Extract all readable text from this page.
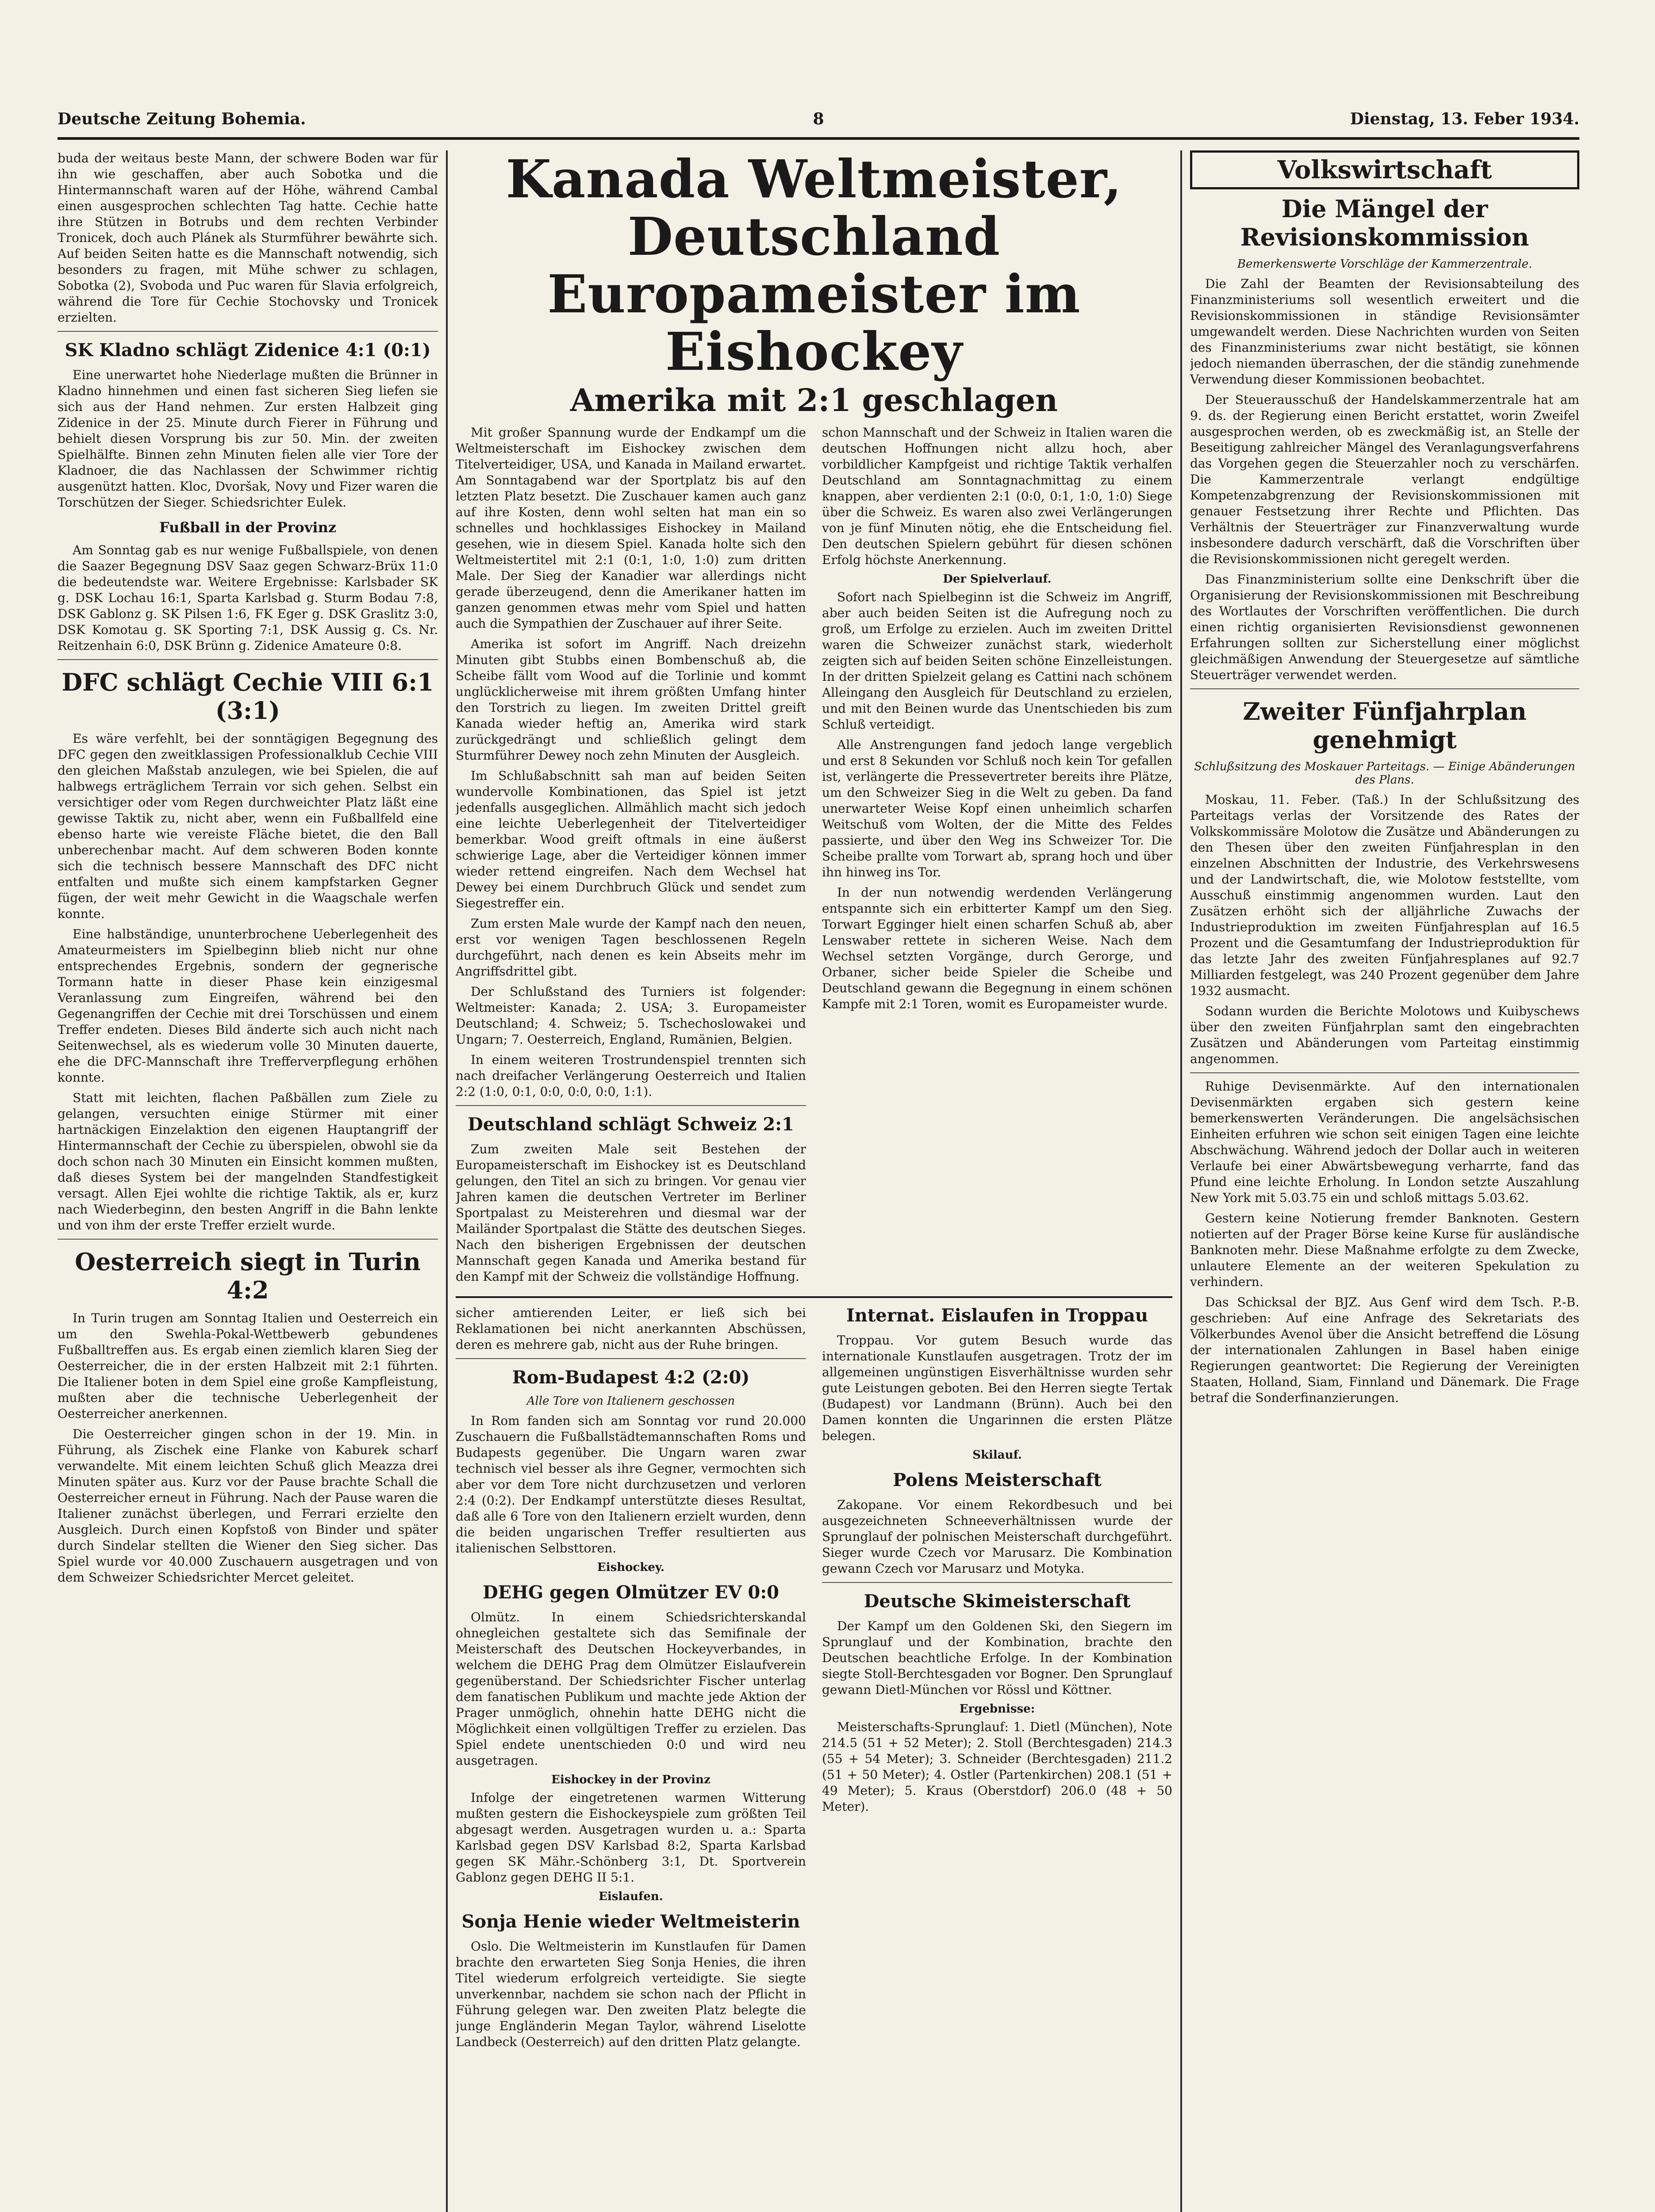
Deutsche Zeitung Bohemia.	8	Dienstag, 13. Feber 1934.

buda der weitaus beste Mann, der schwere Boden war für ihn wie geschaffen, aber auch Sobotka und die Hintermannschaft waren auf der Höhe, während Cambal einen ausgesprochen schlechten Tag hatte. Cechie hatte ihre Stützen in Botrubs und dem rechten Verbinder Tronicek, doch auch Plánek als Sturmführer bewährte sich. Auf beiden Seiten hatte es die Mannschaft notwendig, sich besonders zu fragen, mit Mühe schwer zu schlagen, Sobotka (2), Svoboda und Puc waren für Slavia erfolgreich, während die Tore für Cechie Stochovsky und Tronicek erzielten.

SK Kladno schlägt Zidenice 4:1 (0:1)

Eine unerwartet hohe Niederlage mußten die Brünner in Kladno hinnehmen und einen fast sicheren Sieg liefen sie sich aus der Hand nehmen. Zur ersten Halbzeit ging Zidenice in der 25. Minute durch Fierer in Führung und behielt diesen Vorsprung bis zur 50. Min. der zweiten Spielhälfte. Binnen zehn Minuten fielen alle vier Tore der Kladnoer, die das Nachlassen der Schwimmer richtig ausgenützt hatten. Kloc, Dvoršak, Novy und Fizer waren die Torschützen der Sieger. Schiedsrichter Eulek.

Fußball in der Provinz

Am Sonntag gab es nur wenige Fußballspiele, von denen die Saazer Begegnung DSV Saaz gegen Schwarz-Brüx 11:0 die bedeutendste war. Weitere Ergebnisse: Karlsbader SK g. DSK Lochau 16:1, Sparta Karlsbad g. Sturm Bodau 7:8, DSK Gablonz g. SK Pilsen 1:6, FK Eger g. DSK Graslitz 3:0, DSK Komotau g. SK Sporting 7:1, DSK Aussig g. Cs. Nr. Reitzenhain 6:0, DSK Brünn g. Zidenice Amateure 0:8.

DFC schlägt Cechie VIII 6:1 (3:1)

Es wäre verfehlt, bei der sonntägigen Begegnung des DFC gegen den zweitklassigen Professionalklub Cechie VIII den gleichen Maßstab anzulegen, wie bei Spielen, die auf halbwegs erträglichem Terrain vor sich gehen. Selbst ein versichtiger oder vom Regen durchweichter Platz läßt eine gewisse Taktik zu, nicht aber, wenn ein Fußballfeld eine ebenso harte wie vereiste Fläche bietet, die den Ball unberechenbar macht. Auf dem schweren Boden konnte sich die technisch bessere Mannschaft des DFC nicht entfalten und mußte sich einem kampfstarken Gegner fügen, der weit mehr Gewicht in die Waagschale werfen konnte.

Eine halbständige, ununterbrochene Ueberlegenheit des Amateurmeisters im Spielbeginn blieb nicht nur ohne entsprechendes Ergebnis, sondern der gegnerische Tormann hatte in dieser Phase kein einzigesmal Veranlassung zum Eingreifen, während bei den Gegenangriffen der Cechie mit drei Torschüssen und einem Treffer endeten. Dieses Bild änderte sich auch nicht nach Seitenwechsel, als es wiederum volle 30 Minuten dauerte, ehe die DFC-Mannschaft ihre Trefferverpflegung erhöhen konnte.

Statt mit leichten, flachen Paßbällen zum Ziele zu gelangen, versuchten einige Stürmer mit einer hartnäckigen Einzelaktion den eigenen Hauptangriff der Hintermannschaft der Cechie zu überspielen, obwohl sie da doch schon nach 30 Minuten ein Einsicht kommen mußten, daß dieses System bei der mangelnden Standfestigkeit versagt. Allen Ejei wohlte die richtige Taktik, als er, kurz nach Wiederbeginn, den besten Angriff in die Bahn lenkte und von ihm der erste Treffer erzielt wurde.

Oesterreich siegt in Turin 4:2

In Turin trugen am Sonntag Italien und Oesterreich ein um den Swehla-Pokal-Wettbewerb gebundenes Fußballtreffen aus. Es ergab einen ziemlich klaren Sieg der Oesterreicher, die in der ersten Halbzeit mit 2:1 führten. Die Italiener boten in dem Spiel eine große Kampfleistung, mußten aber die technische Ueberlegenheit der Oesterreicher anerkennen.

Die Oesterreicher gingen schon in der 19. Min. in Führung, als Zischek eine Flanke von Kaburek scharf verwandelte. Mit einem leichten Schuß glich Meazza drei Minuten später aus. Kurz vor der Pause brachte Schall die Oesterreicher erneut in Führung. Nach der Pause waren die Italiener zunächst überlegen, und Ferrari erzielte den Ausgleich. Durch einen Kopfstoß von Binder und später durch Sindelar stellten die Wiener den Sieg sicher. Das Spiel wurde vor 40.000 Zuschauern ausgetragen und von dem Schweizer Schiedsrichter Mercet geleitet.

Kanada Weltmeister, Deutschland
Europameister im Eishockey
Amerika mit 2:1 geschlagen

Mit großer Spannung wurde der Endkampf um die Weltmeisterschaft im Eishockey zwischen dem Titelverteidiger, USA, und Kanada in Mailand erwartet. Am Sonntagabend war der Sportplatz bis auf den letzten Platz besetzt. Die Zuschauer kamen auch ganz auf ihre Kosten, denn wohl selten hat man ein so schnelles und hochklassiges Eishockey in Mailand gesehen, wie in diesem Spiel. Kanada holte sich den Weltmeistertitel mit 2:1 (0:1, 1:0, 1:0) zum dritten Male. Der Sieg der Kanadier war allerdings nicht gerade überzeugend, denn die Amerikaner hatten im ganzen genommen etwas mehr vom Spiel und hatten auch die Sympathien der Zuschauer auf ihrer Seite.

Amerika ist sofort im Angriff. Nach dreizehn Minuten gibt Stubbs einen Bombenschuß ab, die Scheibe fällt vom Wood auf die Torlinie und kommt unglücklicherweise mit ihrem größten Umfang hinter den Torstrich zu liegen. Im zweiten Drittel greift Kanada wieder heftig an, Amerika wird stark zurückgedrängt und schließlich gelingt dem Sturmführer Dewey noch zehn Minuten der Ausgleich.

Im Schlußabschnitt sah man auf beiden Seiten wundervolle Kombinationen, das Spiel ist jetzt jedenfalls ausgeglichen. Allmählich macht sich jedoch eine leichte Ueberlegenheit der Titelverteidiger bemerkbar. Wood greift oftmals in eine äußerst schwierige Lage, aber die Verteidiger können immer wieder rettend eingreifen. Nach dem Wechsel hat Dewey bei einem Durchbruch Glück und sendet zum Siegestreffer ein.

Zum ersten Male wurde der Kampf nach den neuen, erst vor wenigen Tagen beschlossenen Regeln durchgeführt, nach denen es kein Abseits mehr im Angriffsdrittel gibt.

Der Schlußstand des Turniers ist folgender: Weltmeister: Kanada; 2. USA; 3. Europameister Deutschland; 4. Schweiz; 5. Tschechoslowakei und Ungarn; 7. Oesterreich, England, Rumänien, Belgien.

In einem weiteren Trostrundenspiel trennten sich nach dreifacher Verlängerung Oesterreich und Italien 2:2 (1:0, 0:1, 0:0, 0:0, 0:0, 1:1).

Deutschland schlägt Schweiz 2:1

Zum zweiten Male seit Bestehen der Europameisterschaft im Eishockey ist es Deutschland gelungen, den Titel an sich zu bringen. Vor genau vier Jahren kamen die deutschen Vertreter im Berliner Sportpalast zu Meisterehren und diesmal war der Mailänder Sportpalast die Stätte des deutschen Sieges. Nach den bisherigen Ergebnissen der deutschen Mannschaft gegen Kanada und Amerika bestand für den Kampf mit der Schweiz die vollständige Hoffnung.

schon Mannschaft und der Schweiz in Italien waren die deutschen Hoffnungen nicht allzu hoch, aber vorbildlicher Kampfgeist und richtige Taktik verhalfen Deutschland am Sonntagnachmittag zu einem knappen, aber verdienten 2:1 (0:0, 0:1, 1:0, 1:0) Siege über die Schweiz. Es waren also zwei Verlängerungen von je fünf Minuten nötig, ehe die Entscheidung fiel. Den deutschen Spielern gebührt für diesen schönen Erfolg höchste Anerkennung.

Der Spielverlauf.

Sofort nach Spielbeginn ist die Schweiz im Angriff, aber auch beiden Seiten ist die Aufregung noch zu groß, um Erfolge zu erzielen. Auch im zweiten Drittel waren die Schweizer zunächst stark, wiederholt zeigten sich auf beiden Seiten schöne Einzelleistungen. In der dritten Spielzeit gelang es Cattini nach schönem Alleingang den Ausgleich für Deutschland zu erzielen, und mit den Beinen wurde das Unentschieden bis zum Schluß verteidigt.

Alle Anstrengungen fand jedoch lange vergeblich und erst 8 Sekunden vor Schluß noch kein Tor gefallen ist, verlängerte die Pressevertreter bereits ihre Plätze, um den Schweizer Sieg in die Welt zu geben. Da fand unerwarteter Weise Kopf einen unheimlich scharfen Weitschuß vom Wolten, der die Mitte des Feldes passierte, und über den Weg ins Schweizer Tor. Die Scheibe prallte vom Torwart ab, sprang hoch und über ihn hinweg ins Tor.

In der nun notwendig werdenden Verlängerung entspannte sich ein erbitterter Kampf um den Sieg. Torwart Egginger hielt einen scharfen Schuß ab, aber Lenswaber rettete in sicheren Weise. Nach dem Wechsel setzten Vorgänge, durch Gerorge, und Orbaner, sicher beide Spieler die Scheibe und Deutschland gewann die Begegnung in einem schönen Kampfe mit 2:1 Toren, womit es Europameister wurde.

sicher amtierenden Leiter, er ließ sich bei Reklamationen bei nicht anerkannten Abschüssen, deren es mehrere gab, nicht aus der Ruhe bringen.

Rom-Budapest 4:2 (2:0)
Alle Tore von Italienern geschossen

In Rom fanden sich am Sonntag vor rund 20.000 Zuschauern die Fußballstädtemannschaften Roms und Budapests gegenüber. Die Ungarn waren zwar technisch viel besser als ihre Gegner, vermochten sich aber vor dem Tore nicht durchzusetzen und verloren 2:4 (0:2). Der Endkampf unterstützte dieses Resultat, daß alle 6 Tore von den Italienern erzielt wurden, denn die beiden ungarischen Treffer resultierten aus italienischen Selbsttoren.

Eishockey.
DEHG gegen Olmützer EV 0:0

Olmütz. In einem Schiedsrichterskandal ohnegleichen gestaltete sich das Semifinale der Meisterschaft des Deutschen Hockeyverbandes, in welchem die DEHG Prag dem Olmützer Eislaufverein gegenüberstand. Der Schiedsrichter Fischer unterlag dem fanatischen Publikum und machte jede Aktion der Prager unmöglich, ohnehin hatte DEHG nicht die Möglichkeit einen vollgültigen Treffer zu erzielen. Das Spiel endete unentschieden 0:0 und wird neu ausgetragen.

Eishockey in der Provinz

Infolge der eingetretenen warmen Witterung mußten gestern die Eishockeyspiele zum größten Teil abgesagt werden. Ausgetragen wurden u. a.: Sparta Karlsbad gegen DSV Karlsbad 8:2, Sparta Karlsbad gegen SK Mähr.-Schönberg 3:1, Dt. Sportverein Gablonz gegen DEHG II 5:1.

Eislaufen.
Sonja Henie wieder Weltmeisterin

Oslo. Die Weltmeisterin im Kunstlaufen für Damen brachte den erwarteten Sieg Sonja Henies, die ihren Titel wiederum erfolgreich verteidigte. Sie siegte unverkennbar, nachdem sie schon nach der Pflicht in Führung gelegen war. Den zweiten Platz belegte die junge Engländerin Megan Taylor, während Liselotte Landbeck (Oesterreich) auf den dritten Platz gelangte.

Internat. Eislaufen in Troppau

Troppau. Vor gutem Besuch wurde das internationale Kunstlaufen ausgetragen. Trotz der im allgemeinen ungünstigen Eisverhältnisse wurden sehr gute Leistungen geboten. Bei den Herren siegte Tertak (Budapest) vor Landmann (Brünn). Auch bei den Damen konnten die Ungarinnen die ersten Plätze belegen.

Skilauf.
Polens Meisterschaft

Zakopane. Vor einem Rekordbesuch und bei ausgezeichneten Schneeverhältnissen wurde der Sprunglauf der polnischen Meisterschaft durchgeführt. Sieger wurde Czech vor Marusarz. Die Kombination gewann Czech vor Marusarz und Motyka.

Deutsche Skimeisterschaft

Der Kampf um den Goldenen Ski, den Siegern im Sprunglauf und der Kombination, brachte den Deutschen beachtliche Erfolge. In der Kombination siegte Stoll-Berchtesgaden vor Bogner. Den Sprunglauf gewann Dietl-München vor Rössl und Köttner.

Ergebnisse:

Meisterschafts-Sprunglauf: 1. Dietl (München), Note 214.5 (51 + 52 Meter); 2. Stoll (Berchtesgaden) 214.3 (55 + 54 Meter); 3. Schneider (Berchtesgaden) 211.2 (51 + 50 Meter); 4. Ostler (Partenkirchen) 208.1 (51 + 49 Meter); 5. Kraus (Oberstdorf) 206.0 (48 + 50 Meter).

Volkswirtschaft
Die Mängel der Revisionskommission
Bemerkenswerte Vorschläge der Kammerzentrale.

Die Zahl der Beamten der Revisionsabteilung des Finanzministeriums soll wesentlich erweitert und die Revisionskommissionen in ständige Revisionsämter umgewandelt werden. Diese Nachrichten wurden von Seiten des Finanzministeriums zwar nicht bestätigt, sie können jedoch niemanden überraschen, der die ständig zunehmende Verwendung dieser Kommissionen beobachtet.

Der Steuerausschuß der Handelskammerzentrale hat am 9. ds. der Regierung einen Bericht erstattet, worin Zweifel ausgesprochen werden, ob es zweckmäßig ist, an Stelle der Beseitigung zahlreicher Mängel des Veranlagungsverfahrens das Vorgehen gegen die Steuerzahler noch zu verschärfen. Die Kammerzentrale verlangt endgültige Kompetenzabgrenzung der Revisionskommissionen mit genauer Festsetzung ihrer Rechte und Pflichten. Das Verhältnis der Steuerträger zur Finanzverwaltung wurde insbesondere dadurch verschärft, daß die Vorschriften über die Revisionskommissionen nicht geregelt werden.

Das Finanzministerium sollte eine Denkschrift über die Organisierung der Revisionskommissionen mit Beschreibung des Wortlautes der Vorschriften veröffentlichen. Die durch einen richtig organisierten Revisionsdienst gewonnenen Erfahrungen sollten zur Sicherstellung einer möglichst gleichmäßigen Anwendung der Steuergesetze auf sämtliche Steuerträger verwendet werden.

Zweiter Fünfjahrplan genehmigt
Schlußsitzung des Moskauer Parteitags. — Einige Abänderungen des Plans.

Moskau, 11. Feber. (Taß.) In der Schlußsitzung des Parteitags verlas der Vorsitzende des Rates der Volkskommissäre Molotow die Zusätze und Abänderungen zu den Thesen über den zweiten Fünfjahresplan in den einzelnen Abschnitten der Industrie, des Verkehrswesens und der Landwirtschaft, die, wie Molotow feststellte, vom Ausschuß einstimmig angenommen wurden. Laut den Zusätzen erhöht sich der alljährliche Zuwachs der Industrieproduktion im zweiten Fünfjahresplan auf 16.5 Prozent und die Gesamtumfang der Industrieproduktion für das letzte Jahr des zweiten Fünfjahresplanes auf 92.7 Milliarden festgelegt, was 240 Prozent gegenüber dem Jahre 1932 ausmacht.

Sodann wurden die Berichte Molotows und Kuibyschews über den zweiten Fünfjahrplan samt den eingebrachten Zusätzen und Abänderungen vom Parteitag einstimmig angenommen.

Ruhige Devisenmärkte. Auf den internationalen Devisenmärkten ergaben sich gestern keine bemerkenswerten Veränderungen. Die angelsächsischen Einheiten erfuhren wie schon seit einigen Tagen eine leichte Abschwächung. Während jedoch der Dollar auch in weiteren Verlaufe bei einer Abwärtsbewegung verharrte, fand das Pfund eine leichte Erholung. In London setzte Auszahlung New York mit 5.03.75 ein und schloß mittags 5.03.62.

Gestern keine Notierung fremder Banknoten. Gestern notierten auf der Prager Börse keine Kurse für ausländische Banknoten mehr. Diese Maßnahme erfolgte zu dem Zwecke, unlautere Elemente an der weiteren Spekulation zu verhindern.

Das Schicksal der BJZ. Aus Genf wird dem Tsch. P.-B. geschrieben: Auf eine Anfrage des Sekretariats des Völkerbundes Avenol über die Ansicht betreffend die Lösung der internationalen Zahlungen in Basel haben einige Regierungen geantwortet: Die Regierung der Vereinigten Staaten, Holland, Siam, Finnland und Dänemark. Die Frage betraf die Sonderfinanzierungen.
